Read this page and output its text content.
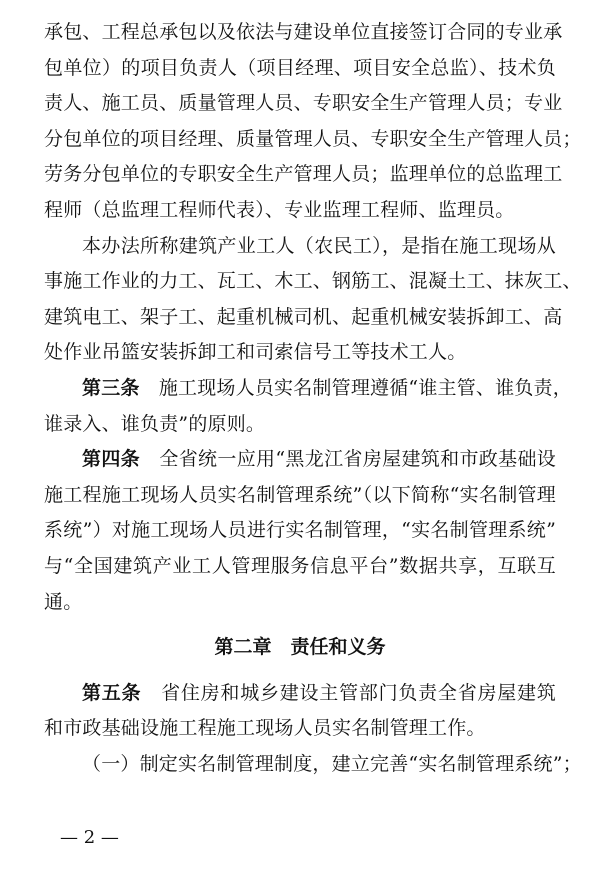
承包、工程总承包以及依法与建设单位直接签订合同的专业承
包单位）的项目负责人（项目经理、项目安全总监）、技术负
责人、施工员、质量管理人员、专职安全生产管理人员；专业
分包单位的项目经理、质量管理人员、专职安全生产管理人员；
劳务分包单位的专职安全生产管理人员；监理单位的总监理工
程师（总监理工程师代表）、专业监理工程师、监理员。
本办法所称建筑产业工人（农民工），是指在施工现场从
事施工作业的力工、瓦工、木工、钢筋工、混凝土工、抹灰工、
建筑电工、架子工、起重机械司机、起重机械安装拆卸工、高
处作业吊篮安装拆卸工和司索信号工等技术工人。
第三条　 施工现场人员实名制管理遵循“谁主管、谁负责，
谁录入、谁负责”的原则。
第四条　 全省统一应用“黑龙江省房屋建筑和市政基础设
施工程施工现场人员实名制管理系统”（以下简称“实名制管理
系统”）对施工现场人员进行实名制管理，“实名制管理系统”
与“全国建筑产业工人管理服务信息平台”数据共享，互联互
通。
第二章　责任和义务
第五条　 省住房和城乡建设主管部门负责全省房屋建筑
和市政基础设施工程施工现场人员实名制管理工作。
（一）制定实名制管理制度，建立完善“实名制管理系统”；
— 2 —
